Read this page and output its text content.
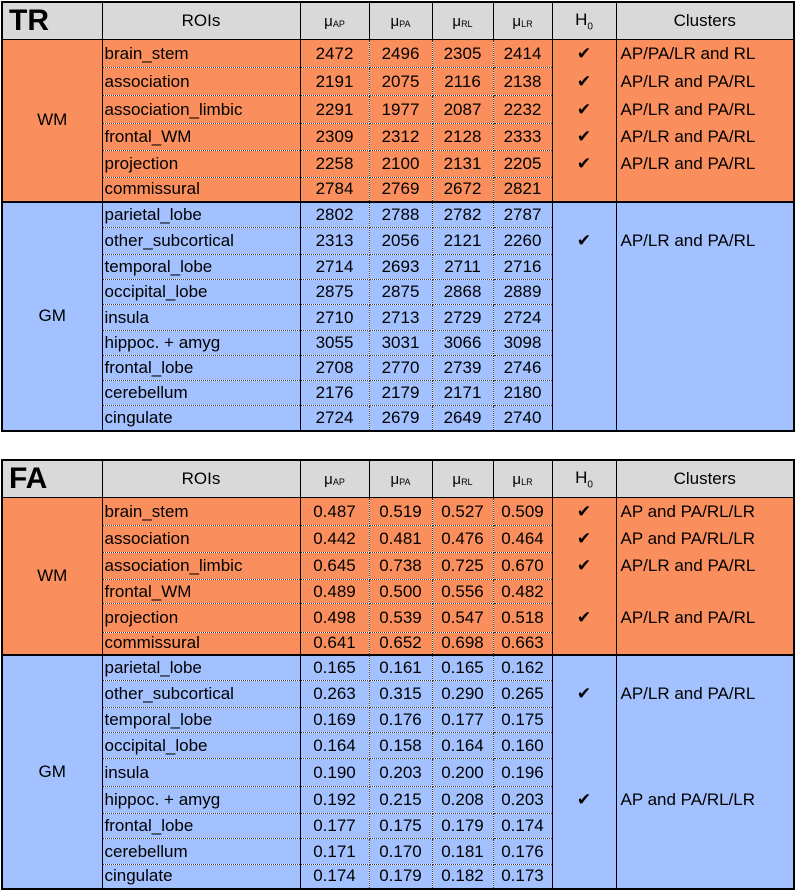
TR	ROIs	$\mu_{AP}$	$\mu_{PA}$	$\mu_{RL}$	$\mu_{LR}$	$H_0$	Clusters
WM	brain_stem	2472	2496	2305	2414	✔	AP/PA/LR and RL
	association	2191	2075	2116	2138	✔	AP/LR and PA/RL
	association_limbic	2291	1977	2087	2232	✔	AP/LR and PA/RL
	frontal_WM	2309	2312	2128	2333	✔	AP/LR and PA/RL
	projection	2258	2100	2131	2205	✔	AP/LR and PA/RL
	commissural	2784	2769	2672	2821		
GM	parietal_lobe	2802	2788	2782	2787		
	other_subcortical	2313	2056	2121	2260	✔	AP/LR and PA/RL
	temporal_lobe	2714	2693	2711	2716		
	occipital_lobe	2875	2875	2868	2889		
	insula	2710	2713	2729	2724		
	hippoc. + amyg	3055	3031	3066	3098		
	frontal_lobe	2708	2770	2739	2746		
	cerebellum	2176	2179	2171	2180		
	cingulate	2724	2679	2649	2740		
FA	ROIs	$\mu_{AP}$	$\mu_{PA}$	$\mu_{RL}$	$\mu_{LR}$	$H_0$	Clusters
WM	brain_stem	0.487	0.519	0.527	0.509	✔	AP and PA/RL/LR
	association	0.442	0.481	0.476	0.464	✔	AP and PA/RL/LR
	association_limbic	0.645	0.738	0.725	0.670	✔	AP/LR and PA/RL
	frontal_WM	0.489	0.500	0.556	0.482		
	projection	0.498	0.539	0.547	0.518	✔	AP/LR and PA/RL
	commissural	0.641	0.652	0.698	0.663		
GM	parietal_lobe	0.165	0.161	0.165	0.162		
	other_subcortical	0.263	0.315	0.290	0.265	✔	AP/LR and PA/RL
	temporal_lobe	0.169	0.176	0.177	0.175		
	occipital_lobe	0.164	0.158	0.164	0.160		
	insula	0.190	0.203	0.200	0.196		
	hippoc. + amyg	0.192	0.215	0.208	0.203	✔	AP and PA/RL/LR
	frontal_lobe	0.177	0.175	0.179	0.174		
	cerebellum	0.171	0.170	0.181	0.176		
	cingulate	0.174	0.179	0.182	0.173		
